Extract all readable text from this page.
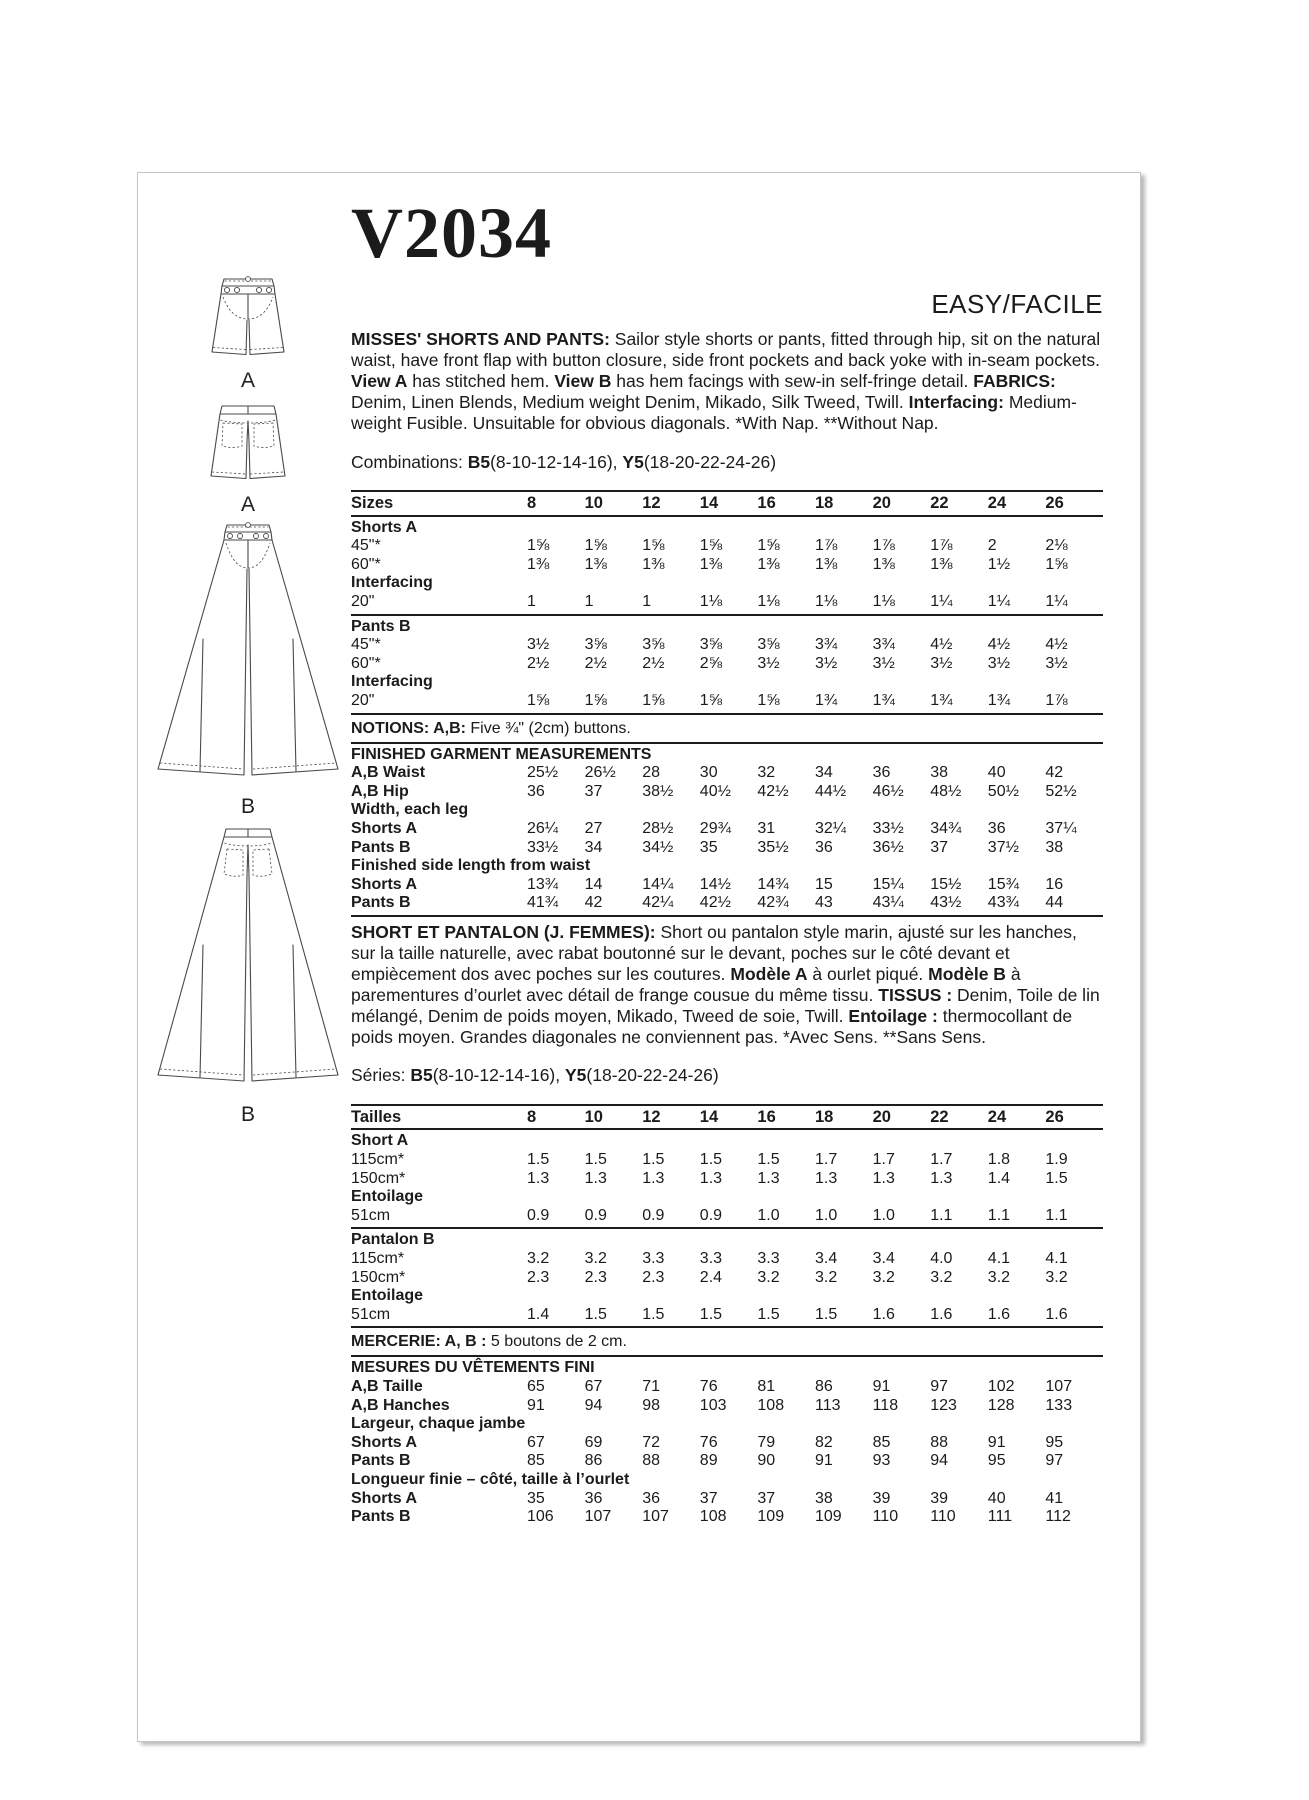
A
A
B
B
V2034
EASY/FACILE

MISSES' SHORTS AND PANTS: Sailor style shorts or pants, fitted through hip, sit on the natural waist, have front flap with button closure, side front pockets and back yoke with in-seam pockets. View A has stitched hem. View B has hem facings with sew-in self-fringe detail. FABRICS: Denim, Linen Blends, Medium weight Denim, Mikado, Silk Tweed, Twill. Interfacing: Medium-weight Fusible. Unsuitable for obvious diagonals. *With Nap. **Without Nap.

Combinations: B5(8-10-12-14-16), Y5(18-20-22-24-26)

Sizes	8	10	12	14	16	18	20	22	24	26
Shorts A
45"*	1⅝	1⅝	1⅝	1⅝	1⅝	1⅞	1⅞	1⅞	2	2⅛
60"*	1⅜	1⅜	1⅜	1⅜	1⅜	1⅜	1⅜	1⅜	1½	1⅝
Interfacing
20"	1	1	1	1⅛	1⅛	1⅛	1⅛	1¼	1¼	1¼
Pants B
45"*	3½	3⅝	3⅝	3⅝	3⅝	3¾	3¾	4½	4½	4½
60"*	2½	2½	2½	2⅝	3½	3½	3½	3½	3½	3½
Interfacing
20"	1⅝	1⅝	1⅝	1⅝	1⅝	1¾	1¾	1¾	1¾	1⅞
NOTIONS: A,B: Five ¾" (2cm) buttons.
FINISHED GARMENT MEASUREMENTS
A,B Waist	25½	26½	28	30	32	34	36	38	40	42
A,B Hip	36	37	38½	40½	42½	44½	46½	48½	50½	52½
Width, each leg
Shorts A	26¼	27	28½	29¾	31	32¼	33½	34¾	36	37¼
Pants B	33½	34	34½	35	35½	36	36½	37	37½	38
Finished side length from waist
Shorts A	13¾	14	14¼	14½	14¾	15	15¼	15½	15¾	16
Pants B	41¾	42	42¼	42½	42¾	43	43¼	43½	43¾	44

SHORT ET PANTALON (J. FEMMES): Short ou pantalon style marin, ajusté sur les hanches, sur la taille naturelle, avec rabat boutonné sur le devant, poches sur le côté devant et empiècement dos avec poches sur les coutures. Modèle A à ourlet piqué. Modèle B à parementures d’ourlet avec détail de frange cousue du même tissu. TISSUS : Denim, Toile de lin mélangé, Denim de poids moyen, Mikado, Tweed de soie, Twill. Entoilage : thermocollant de poids moyen. Grandes diagonales ne conviennent pas. *Avec Sens. **Sans Sens.

Séries: B5(8-10-12-14-16), Y5(18-20-22-24-26)

Tailles	8	10	12	14	16	18	20	22	24	26
Short A
115cm*	1.5	1.5	1.5	1.5	1.5	1.7	1.7	1.7	1.8	1.9
150cm*	1.3	1.3	1.3	1.3	1.3	1.3	1.3	1.3	1.4	1.5
Entoilage
51cm	0.9	0.9	0.9	0.9	1.0	1.0	1.0	1.1	1.1	1.1
Pantalon B
115cm*	3.2	3.2	3.3	3.3	3.3	3.4	3.4	4.0	4.1	4.1
150cm*	2.3	2.3	2.3	2.4	3.2	3.2	3.2	3.2	3.2	3.2
Entoilage
51cm	1.4	1.5	1.5	1.5	1.5	1.5	1.6	1.6	1.6	1.6
MERCERIE: A, B : 5 boutons de 2 cm.
MESURES DU VÊTEMENTS FINI
A,B Taille	65	67	71	76	81	86	91	97	102	107
A,B Hanches	91	94	98	103	108	113	118	123	128	133
Largeur, chaque jambe
Shorts A	67	69	72	76	79	82	85	88	91	95
Pants B	85	86	88	89	90	91	93	94	95	97
Longueur finie – côté, taille à l’ourlet
Shorts A	35	36	36	37	37	38	39	39	40	41
Pants B	106	107	107	108	109	109	110	110	111	112
